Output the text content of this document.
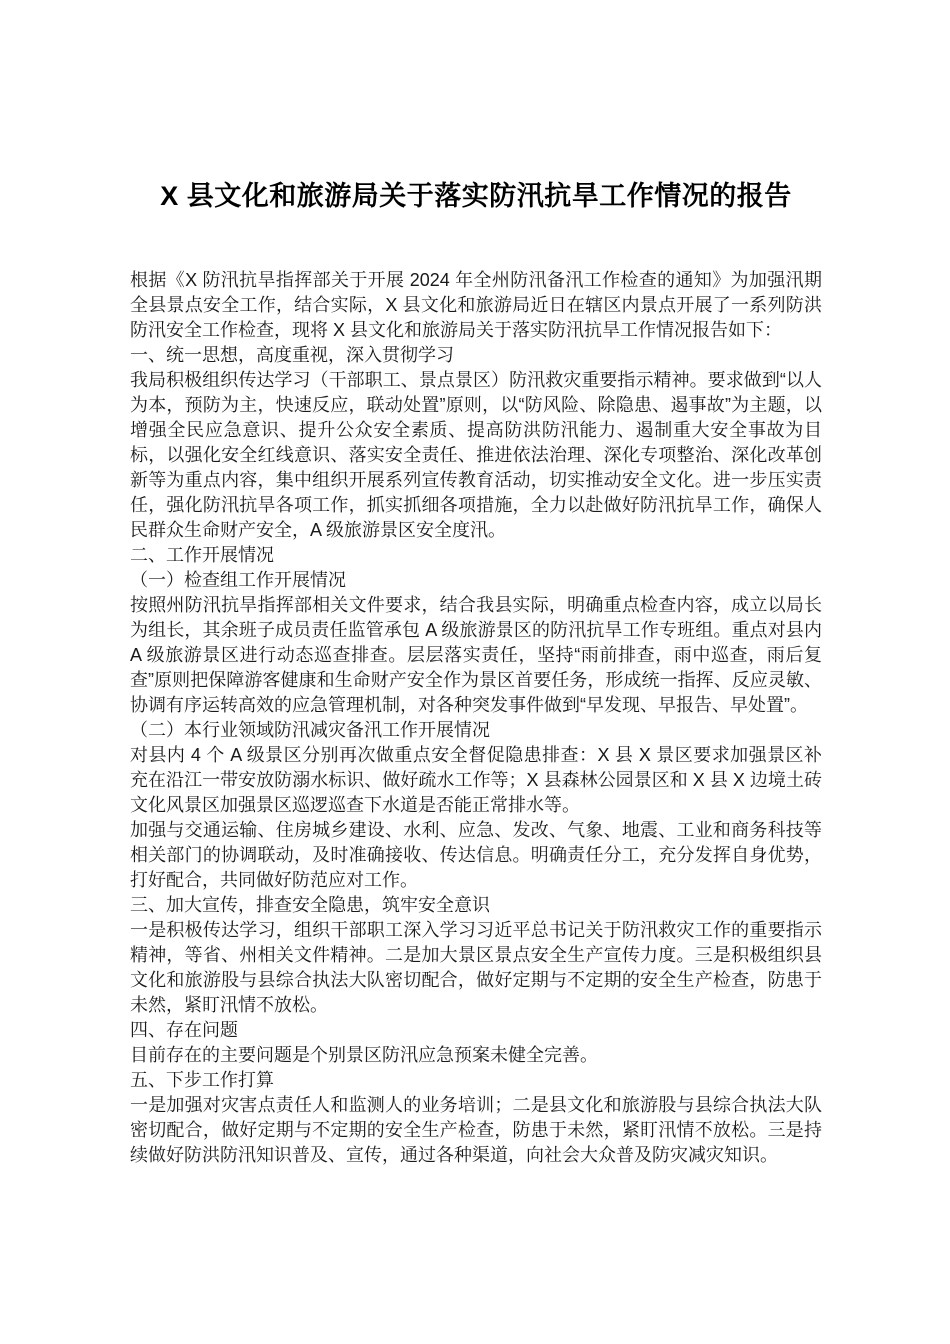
X 县文化和旅游局关于落实防汛抗旱工作情况的报告

根据《X 防汛抗旱指挥部关于开展 2024 年全州防汛备汛工作检查的通知》为加强汛期全县景点安全工作，结合实际，X 县文化和旅游局近日在辖区内景点开展了一系列防洪防汛安全工作检查，现将 X 县文化和旅游局关于落实防汛抗旱工作情况报告如下：

一、统一思想，高度重视，深入贯彻学习

我局积极组织传达学习（干部职工、景点景区）防汛救灾重要指示精神。要求做到“以人为本，预防为主，快速反应，联动处置”原则，以“防风险、除隐患、遏事故”为主题，以增强全民应急意识、提升公众安全素质、提高防洪防汛能力、遏制重大安全事故为目标，以强化安全红线意识、落实安全责任、推进依法治理、深化专项整治、深化改革创新等为重点内容，集中组织开展系列宣传教育活动，切实推动安全文化。进一步压实责任，强化防汛抗旱各项工作，抓实抓细各项措施，全力以赴做好防汛抗旱工作，确保人民群众生命财产安全，A 级旅游景区安全度汛。

二、工作开展情况

（一）检查组工作开展情况

按照州防汛抗旱指挥部相关文件要求，结合我县实际，明确重点检查内容，成立以局长为组长，其余班子成员责任监管承包 A 级旅游景区的防汛抗旱工作专班组。重点对县内 A 级旅游景区进行动态巡查排查。层层落实责任，坚持“雨前排查，雨中巡查，雨后复查”原则把保障游客健康和生命财产安全作为景区首要任务，形成统一指挥、反应灵敏、协调有序运转高效的应急管理机制，对各种突发事件做到“早发现、早报告、早处置”。

（二）本行业领域防汛减灾备汛工作开展情况

对县内 4 个 A 级景区分别再次做重点安全督促隐患排查：X 县 X 景区要求加强景区补充在沿江一带安放防溺水标识、做好疏水工作等；X 县森林公园景区和 X 县 X 边境土砖文化风景区加强景区巡逻巡查下水道是否能正常排水等。

加强与交通运输、住房城乡建设、水利、应急、发改、气象、地震、工业和商务科技等相关部门的协调联动，及时准确接收、传达信息。明确责任分工，充分发挥自身优势，打好配合，共同做好防范应对工作。

三、加大宣传，排查安全隐患，筑牢安全意识

一是积极传达学习，组织干部职工深入学习习近平总书记关于防汛救灾工作的重要指示精神，等省、州相关文件精神。二是加大景区景点安全生产宣传力度。三是积极组织县文化和旅游股与县综合执法大队密切配合，做好定期与不定期的安全生产检查，防患于未然，紧盯汛情不放松。

四、存在问题

目前存在的主要问题是个别景区防汛应急预案未健全完善。

五、下步工作打算

一是加强对灾害点责任人和监测人的业务培训；二是县文化和旅游股与县综合执法大队密切配合，做好定期与不定期的安全生产检查，防患于未然，紧盯汛情不放松。三是持续做好防洪防汛知识普及、宣传，通过各种渠道，向社会大众普及防灾减灾知识。
